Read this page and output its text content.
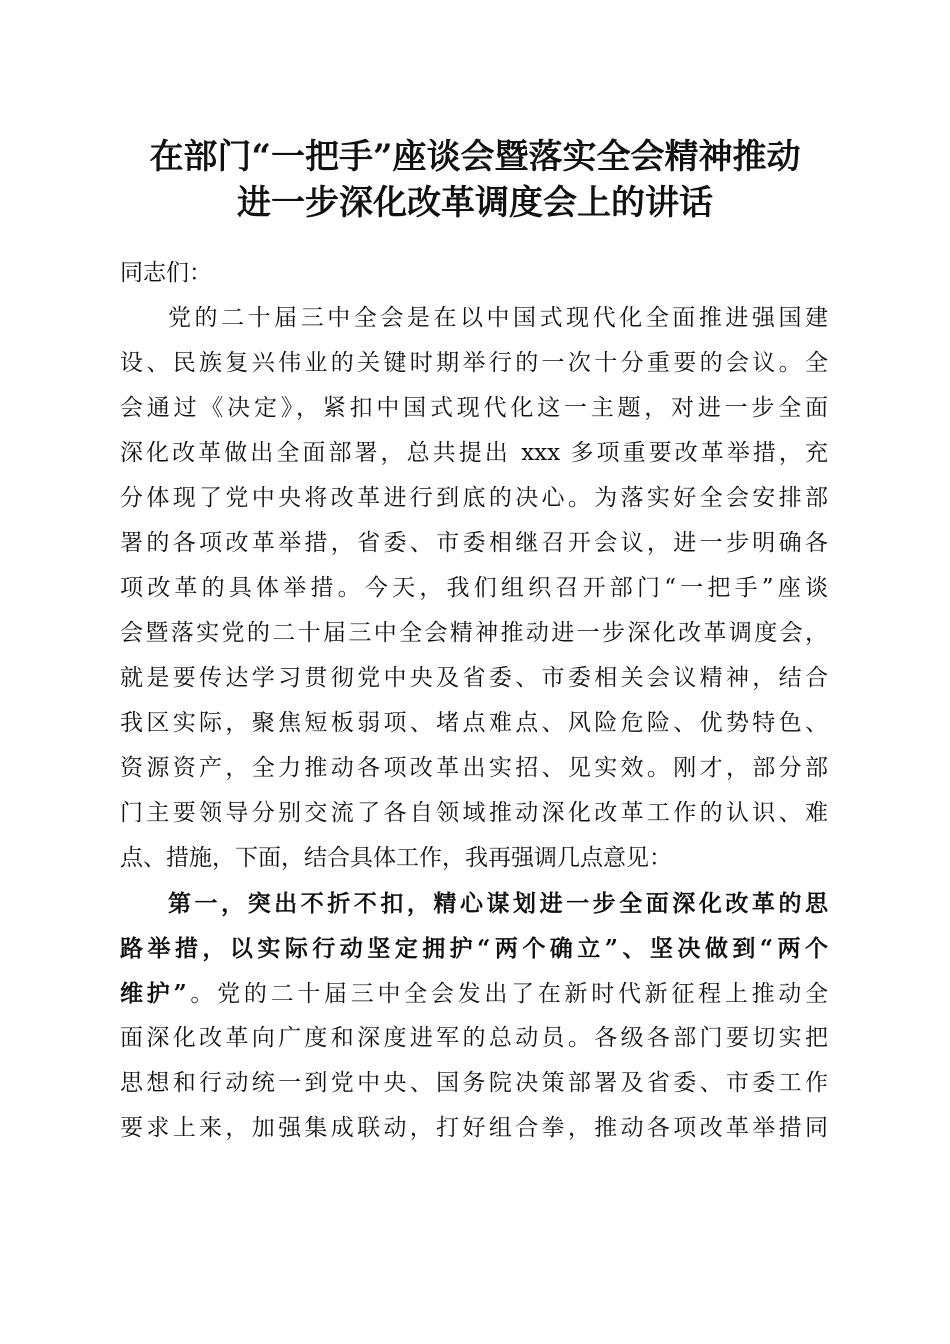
在部门“一把手”座谈会暨落实全会精神推动
进一步深化改革调度会上的讲话
同志们：
党的二十届三中全会是在以中国式现代化全面推进强国建
设、民族复兴伟业的关键时期举行的一次十分重要的会议。全
会通过《决定》，紧扣中国式现代化这一主题，对进一步全面
深化改革做出全面部署，总共提出 xxx 多项重要改革举措，充
分体现了党中央将改革进行到底的决心。为落实好全会安排部
署的各项改革举措，省委、市委相继召开会议，进一步明确各
项改革的具体举措。今天，我们组织召开部门“一把手”座谈
会暨落实党的二十届三中全会精神推动进一步深化改革调度会，
就是要传达学习贯彻党中央及省委、市委相关会议精神，结合
我区实际，聚焦短板弱项、堵点难点、风险危险、优势特色、
资源资产，全力推动各项改革出实招、见实效。刚才，部分部
门主要领导分别交流了各自领域推动深化改革工作的认识、难
点、措施，下面，结合具体工作，我再强调几点意见：
第一，突出不折不扣，精心谋划进一步全面深化改革的思
路举措，以实际行动坚定拥护“两个确立”、坚决做到“两个
维护”。党的二十届三中全会发出了在新时代新征程上推动全
面深化改革向广度和深度进军的总动员。各级各部门要切实把
思想和行动统一到党中央、国务院决策部署及省委、市委工作
要求上来，加强集成联动，打好组合拳，推动各项改革举措同
